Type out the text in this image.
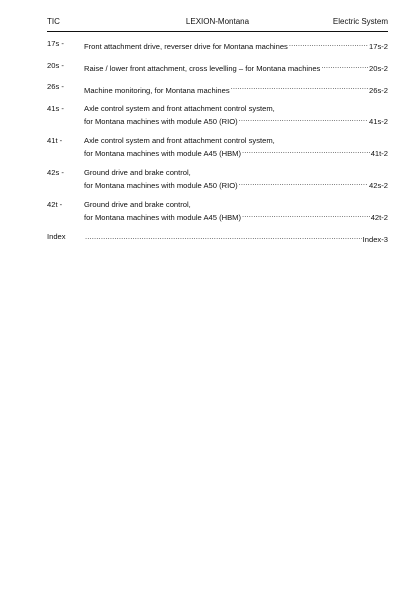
TIC	LEXION-Montana	Electric System
17s -	Front attachment drive, reverser drive for Montana machines .....	17s-2
20s -	Raise / lower front attachment, cross levelling – for Montana machines .....	20s-2
26s -	Machine monitoring, for Montana machines .....	26s-2
41s -	Axle control system and front attachment control system,
for Montana machines with module A50 (RIO) .....	41s-2
41t -	Axle control system and front attachment control system,
for Montana machines with module A45 (HBM) .....	41t-2
42s -	Ground drive and brake control,
for Montana machines with module A50 (RIO) .....	42s-2
42t -	Ground drive and brake control,
for Montana machines with module A45 (HBM) .....	42t-2
Index .....	Index-3
